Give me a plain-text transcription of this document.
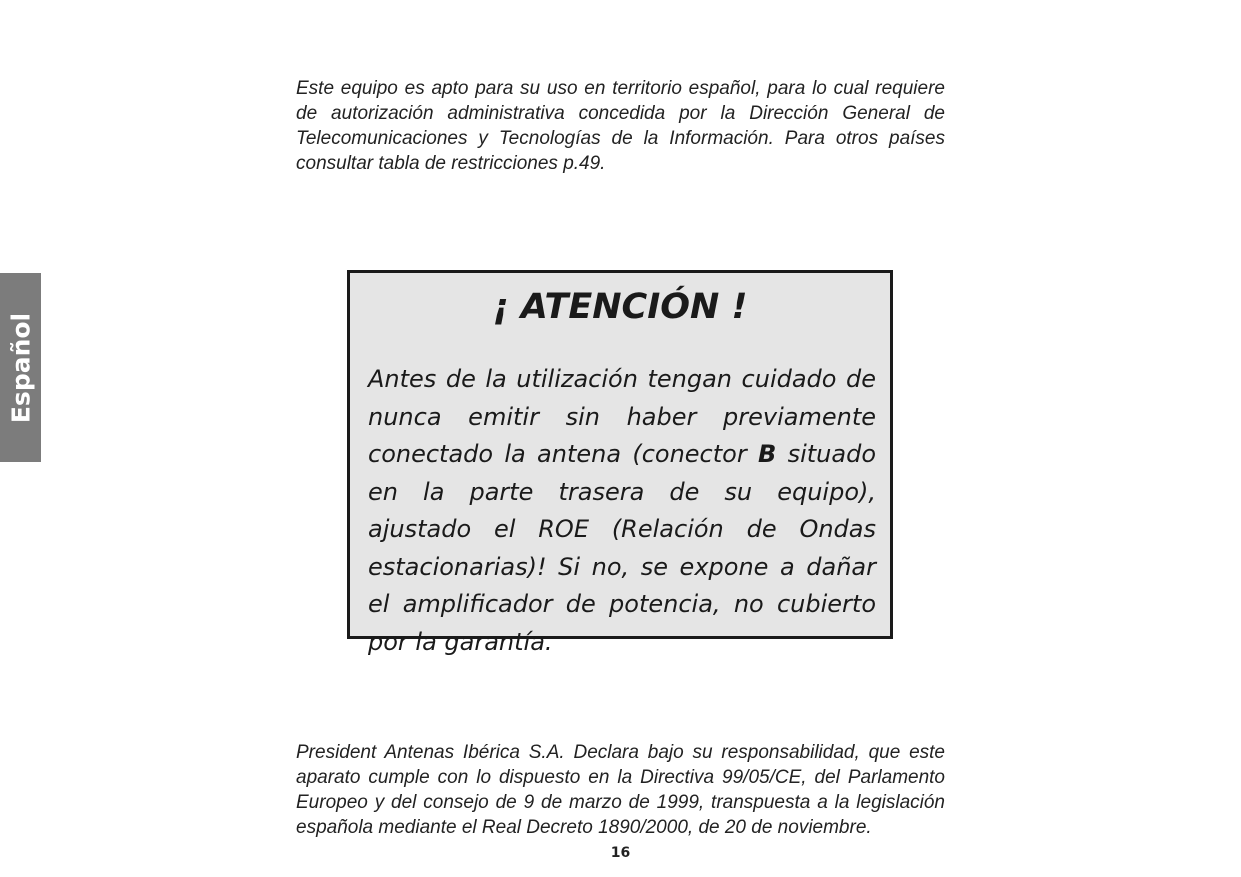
Español

Este equipo es apto para su uso en territorio español, para lo cual requiere de autorización administrativa concedida por la Dirección General de Telecomunicaciones y Tecnologías de la Información. Para otros países consultar tabla de restricciones p.49.

¡ ATENCIÓN !
Antes de la utilización tengan cuidado de nunca emitir sin haber previamente conectado la antena (conector B situado en la parte trasera de su equipo), ajustado el ROE (Relación de Ondas estacionarias)! Si no, se expone a dañar el amplificador de potencia, no cubierto por la garantía.

President Antenas Ibérica S.A. Declara bajo su responsabilidad, que este aparato cumple con lo dispuesto en la Directiva 99/05/CE, del Parlamento Europeo y del consejo de 9 de marzo de 1999, transpuesta a la legislación española mediante el Real Decreto 1890/2000, de 20 de noviembre.

16
